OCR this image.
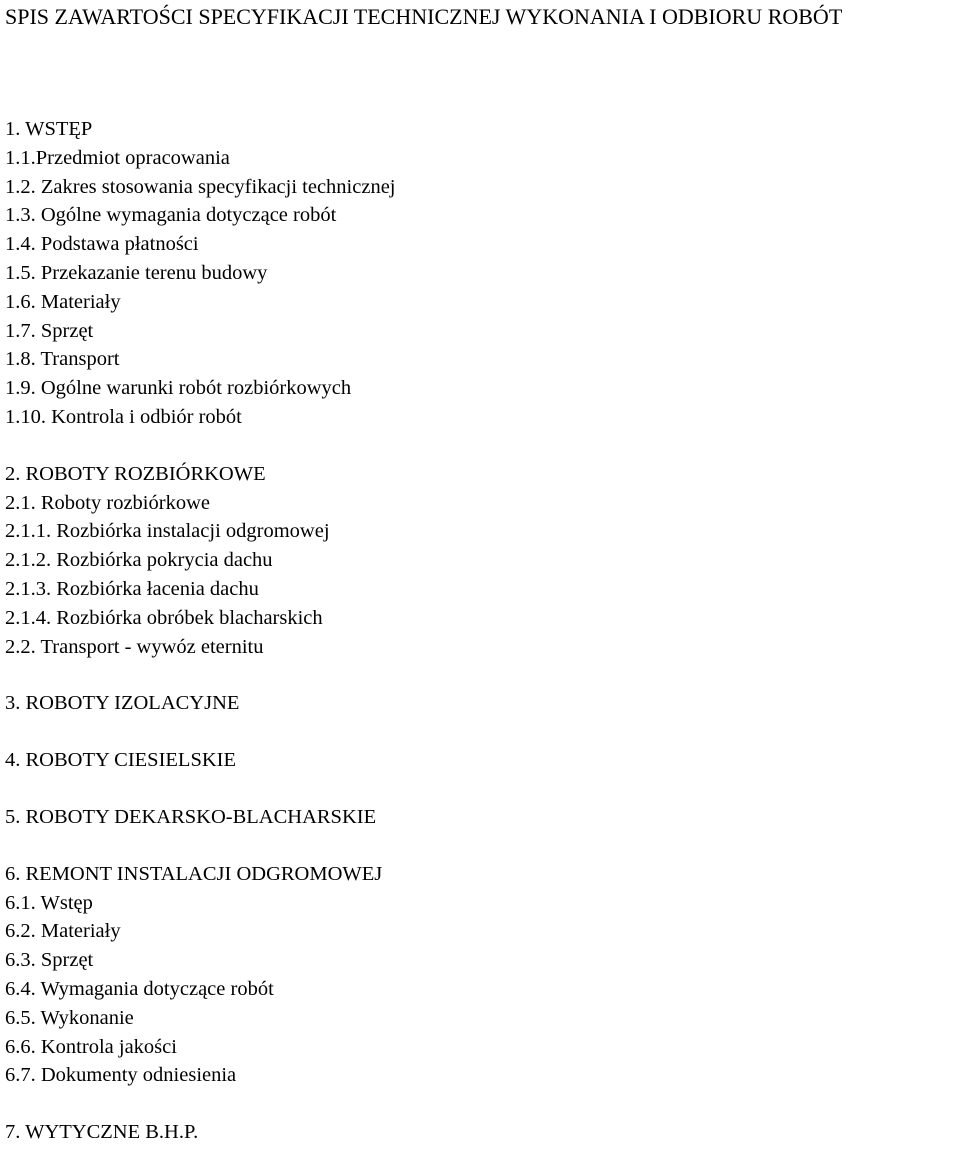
SPIS ZAWARTOŚCI SPECYFIKACJI TECHNICZNEJ WYKONANIA I ODBIORU ROBÓT
1. WSTĘP
1.1.Przedmiot opracowania
1.2. Zakres stosowania specyfikacji technicznej
1.3. Ogólne wymagania dotyczące robót
1.4. Podstawa płatności
1.5. Przekazanie terenu budowy
1.6. Materiały
1.7. Sprzęt
1.8. Transport
1.9. Ogólne warunki robót rozbiórkowych
1.10. Kontrola i odbiór robót
2. ROBOTY ROZBIÓRKOWE
2.1. Roboty rozbiórkowe
2.1.1. Rozbiórka instalacji odgromowej
2.1.2. Rozbiórka pokrycia dachu
2.1.3. Rozbiórka łacenia dachu
2.1.4. Rozbiórka obróbek blacharskich
2.2. Transport - wywóz eternitu
3. ROBOTY IZOLACYJNE
4. ROBOTY CIESIELSKIE
5. ROBOTY DEKARSKO-BLACHARSKIE
6. REMONT INSTALACJI ODGROMOWEJ
6.1. Wstęp
6.2. Materiały
6.3. Sprzęt
6.4. Wymagania dotyczące robót
6.5. Wykonanie
6.6. Kontrola jakości
6.7. Dokumenty odniesienia
7. WYTYCZNE B.H.P.
